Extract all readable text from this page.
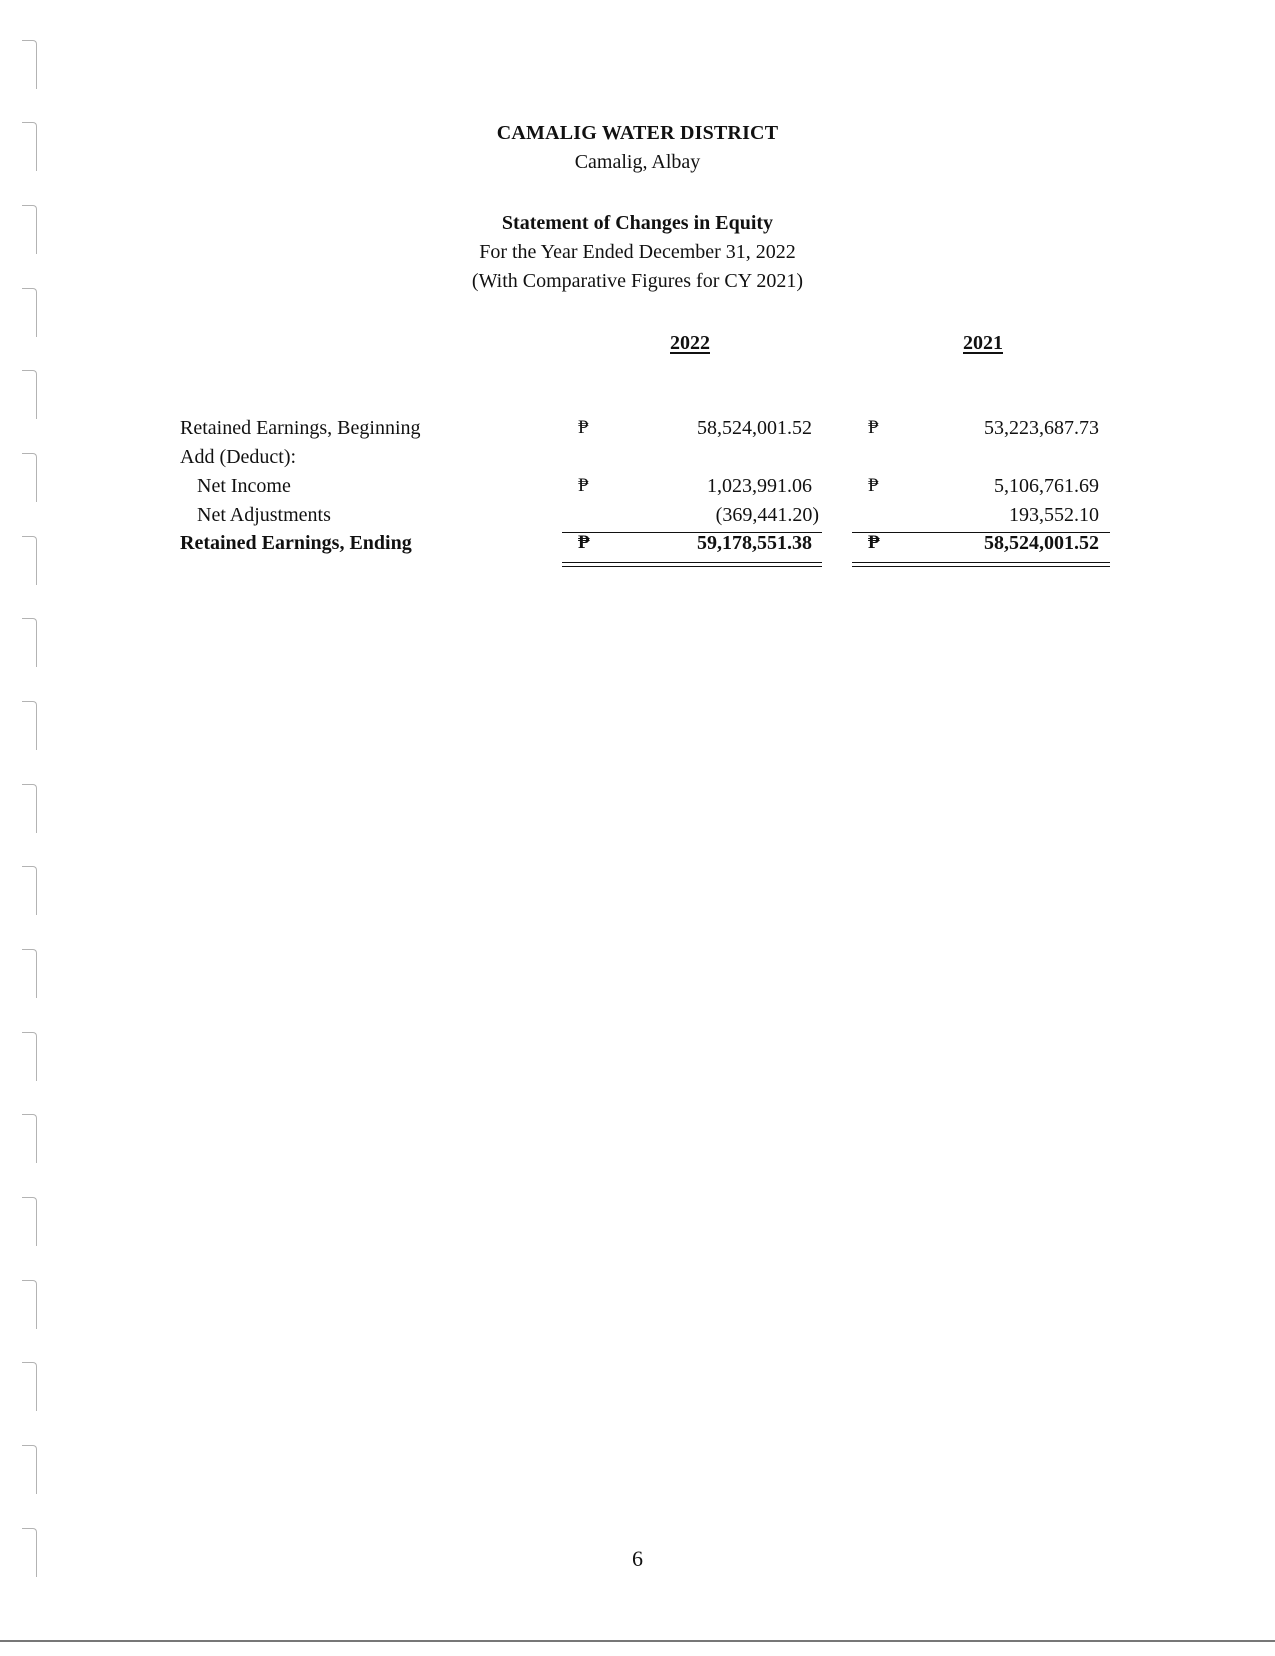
CAMALIG WATER DISTRICT
Camalig, Albay
Statement of Changes in Equity
For the Year Ended December 31, 2022
(With Comparative Figures for CY 2021)
2022	2021
Retained Earnings, Beginning	₱	58,524,001.52	₱	53,223,687.73
Add (Deduct):
Net Income	₱	1,023,991.06	₱	5,106,761.69
Net Adjustments	(369,441.20)	193,552.10
Retained Earnings, Ending	₱	59,178,551.38	₱	58,524,001.52
6
